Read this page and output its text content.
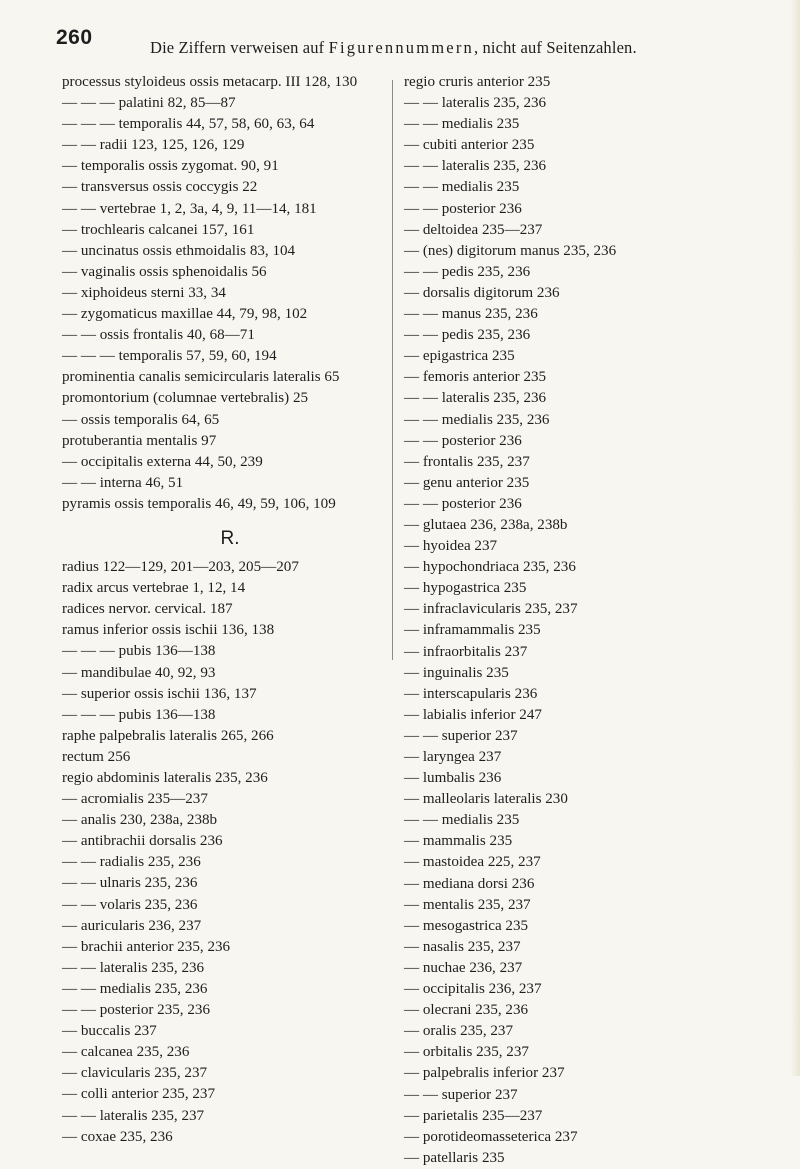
260	Die Ziffern verweisen auf Figurennummern, nicht auf Seitenzahlen.
processus styloideus ossis metacarp. III 128, 130
— — — palatini 82, 85—87
— — — temporalis 44, 57, 58, 60, 63, 64
— — radii 123, 125, 126, 129
— temporalis ossis zygomat. 90, 91
— transversus ossis coccygis 22
— — vertebrae 1, 2, 3a, 4, 9, 11—14, 181
— trochlearis calcanei 157, 161
— uncinatus ossis ethmoidalis 83, 104
— vaginalis ossis sphenoidalis 56
— xiphoideus sterni 33, 34
— zygomaticus maxillae 44, 79, 98, 102
— — ossis frontalis 40, 68—71
— — — temporalis 57, 59, 60, 194
prominentia canalis semicircularis lateralis 65
promontorium (columnae vertebralis) 25
— ossis temporalis 64, 65
protuberantia mentalis 97
— occipitalis externa 44, 50, 239
— — interna 46, 51
pyramis ossis temporalis 46, 49, 59, 106, 109
R.
radius 122—129, 201—203, 205—207
radix arcus vertebrae 1, 12, 14
radices nervor. cervical. 187
ramus inferior ossis ischii 136, 138
— — — pubis 136—138
— mandibulae 40, 92, 93
— superior ossis ischii 136, 137
— — — pubis 136—138
raphe palpebralis lateralis 265, 266
rectum 256
regio abdominis lateralis 235, 236
— acromialis 235—237
— analis 230, 238a, 238b
— antibrachii dorsalis 236
— — radialis 235, 236
— — ulnaris 235, 236
— — volaris 235, 236
— auricularis 236, 237
— brachii anterior 235, 236
— — lateralis 235, 236
— — medialis 235, 236
— — posterior 235, 236
— buccalis 237
— calcanea 235, 236
— clavicularis 235, 237
— colli anterior 235, 237
— — lateralis 235, 237
— coxae 235, 236
regio cruris anterior 235
— — lateralis 235, 236
— — medialis 235
— cubiti anterior 235
— — lateralis 235, 236
— — medialis 235
— — posterior 236
— deltoidea 235—237
— (nes) digitorum manus 235, 236
— — pedis 235, 236
— dorsalis digitorum 236
— — manus 235, 236
— — pedis 235, 236
— epigastrica 235
— femoris anterior 235
— — lateralis 235, 236
— — medialis 235, 236
— — posterior 236
— frontalis 235, 237
— genu anterior 235
— — posterior 236
— glutaea 236, 238a, 238b
— hyoidea 237
— hypochondriaca 235, 236
— hypogastrica 235
— infraclavicularis 235, 237
— inframammalis 235
— infraorbitalis 237
— inguinalis 235
— interscapularis 236
— labialis inferior 247
— — superior 237
— laryngea 237
— lumbalis 236
— malleolaris lateralis 230
— — medialis 235
— mammalis 235
— mastoidea 225, 237
— mediana dorsi 236
— mentalis 235, 237
— mesogastrica 235
— nasalis 235, 237
— nuchae 236, 237
— occipitalis 236, 237
— olecrani 235, 236
— oralis 235, 237
— orbitalis 235, 237
— palpebralis inferior 237
— — superior 237
— parietalis 235—237
— porotideomasseterica 237
— patellaris 235
